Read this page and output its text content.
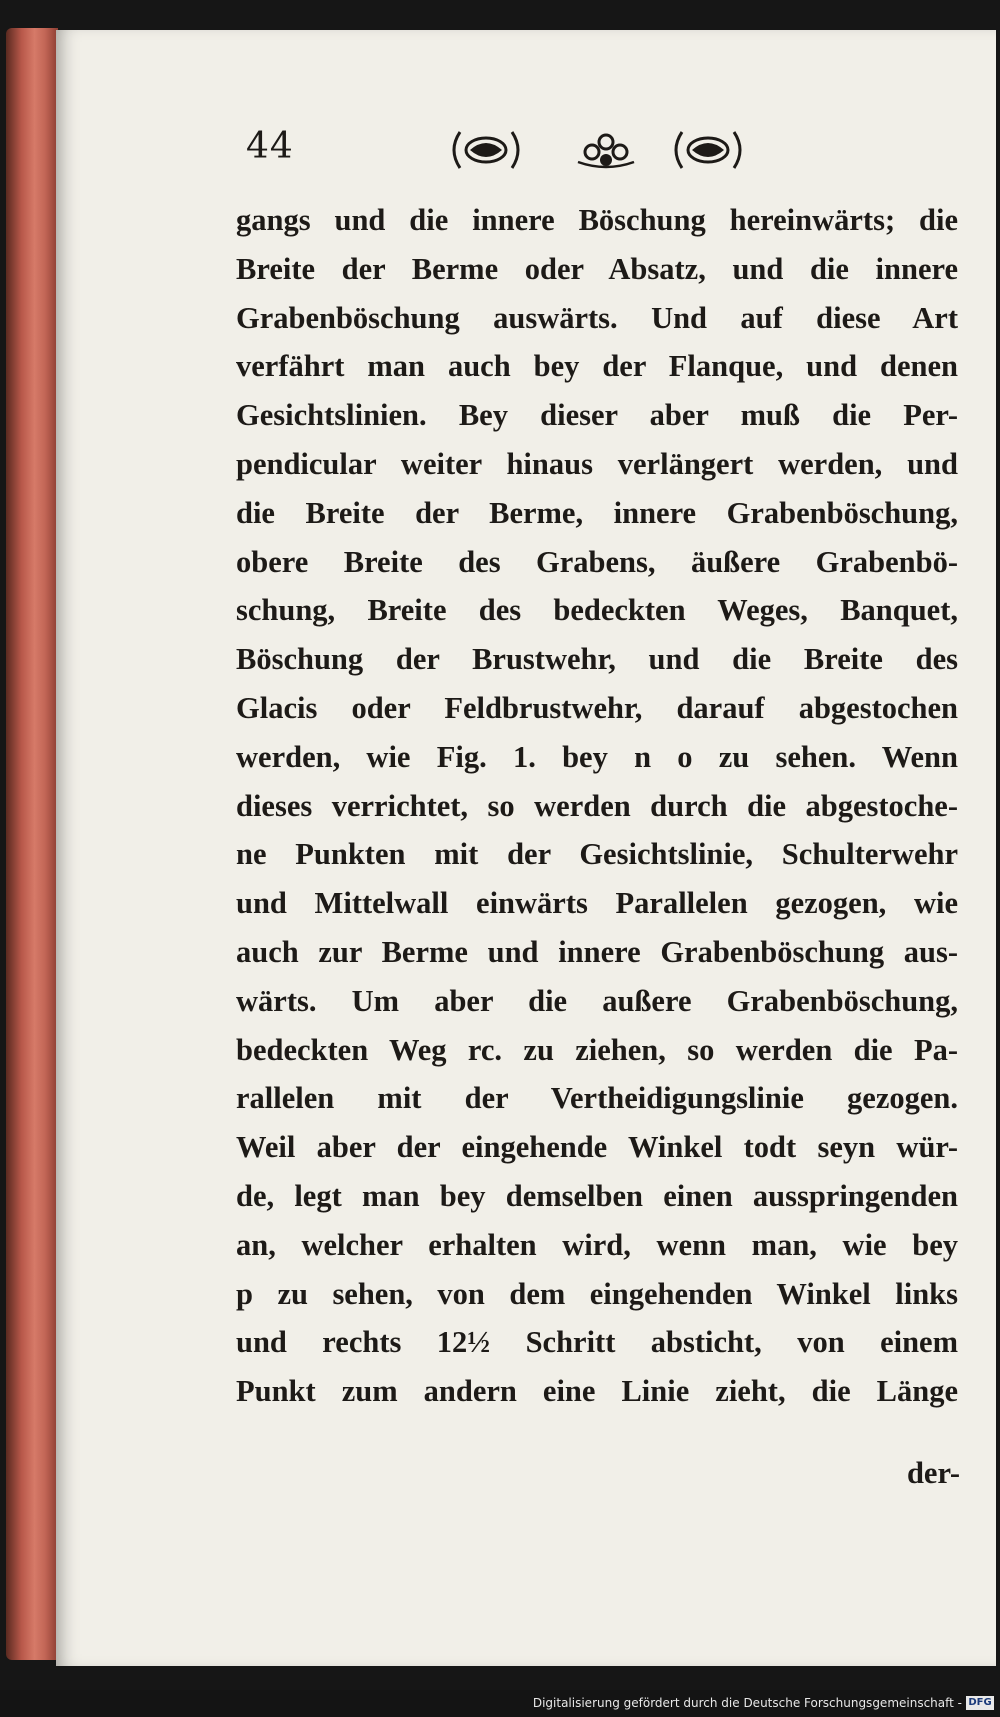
44
gangs und die innere Böschung hereinwärts; die
Breite der Berme oder Absatz, und die innere
Grabenböschung auswärts. Und auf diese Art
verfährt man auch bey der Flanque, und denen
Gesichtslinien. Bey dieser aber muß die Per-
pendicular weiter hinaus verlängert werden, und
die Breite der Berme, innere Grabenböschung,
obere Breite des Grabens, äußere Grabenbö-
schung, Breite des bedeckten Weges, Banquet,
Böschung der Brustwehr, und die Breite des
Glacis oder Feldbrustwehr, darauf abgestochen
werden, wie Fig. 1. bey n o zu sehen. Wenn
dieses verrichtet, so werden durch die abgestoche-
ne Punkten mit der Gesichtslinie, Schulterwehr
und Mittelwall einwärts Parallelen gezogen, wie
auch zur Berme und innere Grabenböschung aus-
wärts. Um aber die außere Grabenböschung,
bedeckten Weg rc. zu ziehen, so werden die Pa-
rallelen mit der Vertheidigungslinie gezogen.
Weil aber der eingehende Winkel todt seyn wür-
de, legt man bey demselben einen ausspringenden
an, welcher erhalten wird, wenn man, wie bey
p zu sehen, von dem eingehenden Winkel links
und rechts 12½ Schritt absticht, von einem
Punkt zum andern eine Linie zieht, die Länge
der-
Digitalisierung gefördert durch die Deutsche Forschungsgemeinschaft - DFG
